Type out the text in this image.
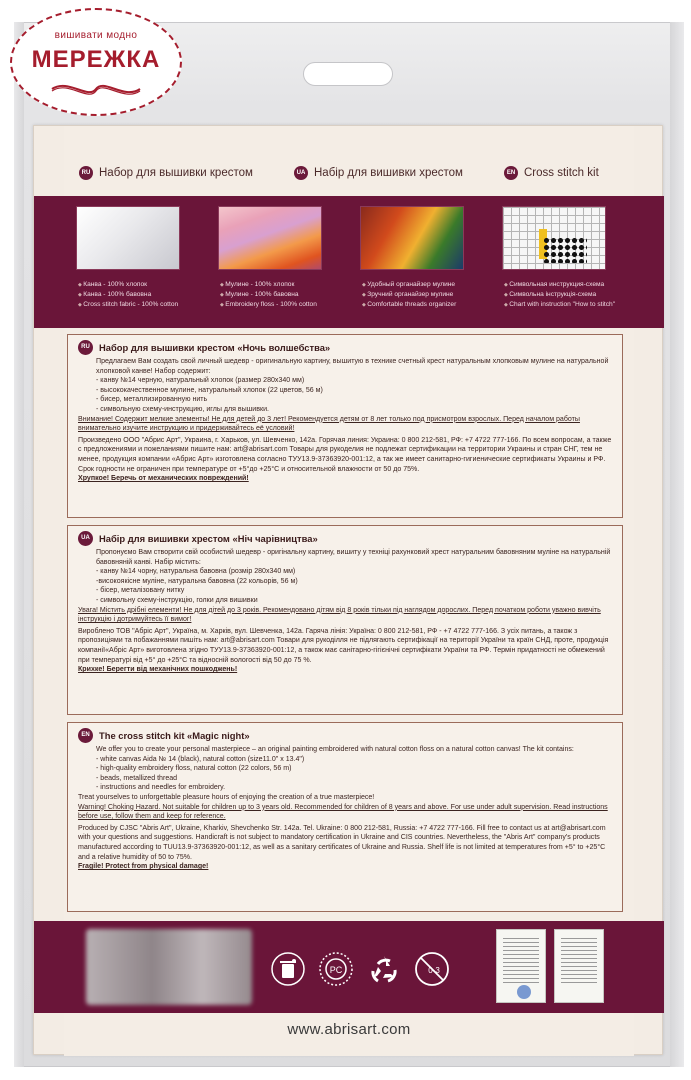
RU Набор для вышивки крестом	UA Набір для вишивки хрестом	EN Cross stitch kit
◆ Канва - 100% хлопок
◆ Канва - 100% бавовна
◆ Cross stitch fabric - 100% cotton
◆ Мулине - 100% хлопок
◆ Мулине - 100% бавовна
◆ Embroidery floss - 100% cotton
◆ Удобный органайзер мулине
◆ Зручний органайзер мулине
◆ Comfortable threads organizer
◆ Символьная инструкция-схема
◆ Символьна інструкція-схема
◆ Chart with instruction "How to stitch"
PC	0-3
www.abrisart.com
RU Набор для вышивки крестом «Ночь волшебства»

Предлагаем Вам создать свой личный шедевр - оригинальную картину, вышитую в технике счетный крест натуральным хлопковым мулине на натуральной хлопковой канве! Набор содержит:

- канву №14 черную, натуральный хлопок (размер 280х340 мм)

- высококачественное мулине, натуральный хлопок (22 цветов, 56 м)

- бисер, металлизированную нить

- символьную схему-инструкцию, иглы для вышивки.

Внимание! Содержит мелкие элементы! Не для детей до 3 лет! Рекомендуется детям от 8 лет только под присмотром взрослых. Перед началом работы внимательно изучите инструкцию и придерживайтесь её условий!

Произведено ООО "Абрис Арт", Украина, г. Харьков, ул. Шевченко, 142а. Горячая линия: Украина: 0 800 212-581, РФ: +7 4722 777-166. По всем вопросам, а также с предложениями и пожеланиями пишите нам: art@abrisart.com Товары для рукоделия не подлежат сертификации на территории Украины и стран СНГ, тем не менее, продукция компании «Абрис Арт» изготовлена согласно ТУУ13.9-37363920-001:12, а так же имеет санитарно-гигиенические сертификаты Украины и РФ. Срок годности не ограничен при температуре от +5°до +25°С и относительной влажности от 50 до 75%.

Хрупкое! Беречь от механических повреждений!

UA Набір для вишивки хрестом «Ніч чарівництва»

Пропонуємо Вам створити свій особистий шедевр - оригінальну картину, вишиту у техніці рахунковий хрест натуральним бавовняним муліне на натуральній бавовняній канві. Набір містить:

- канву №14 чорну, натуральна бавовна (розмір 280х340 мм)

-високоякісне муліне, натуральна бавовна (22 кольорів, 56 м)

- бісер, металізовану нитку

- символьну схему-інструкцію, голки для вишивки

Увага! Містить дрібні елементи! Не для дітей до 3 років. Рекомендовано дітям від 8 років тільки під наглядом дорослих. Перед початком роботи уважно вивчіть інструкцію і дотримуйтесь її вимог!

Виробленo ТОВ "Абріс Арт", Україна, м. Харків, вул. Шевченка, 142а. Гаряча лінія: Україна: 0 800 212-581, РФ - +7 4722 777-166. З усіх питань, а також з пропозиціями та побажаннями пишіть нам: art@abrisart.com Товари для рукоділля не підлягають сертифікації на території України та країн СНД, проте, продукція компанії«Абріс Арт» виготовлена згідно ТУУ13.9-37363920-001:12, а також має санітарно-гігієнічні сертифікати України та РФ. Термін придатності не обмежений при температурі від +5° до +25°С та відносній вологості від 50 до 75 %.

Крихке! Берегти від механічних пошкоджень!

EN The cross stitch kit «Magic night»

We offer you to create your personal masterpiece – an original painting embroidered with natural cotton floss on a natural cotton canvas! The kit contains:

- white canvas Aida № 14 (black), natural cotton (size11.0" x 13.4")

- high-quality embroidery floss, natural cotton (22 colors, 56 m)

- beads, metallized thread

- instructions and needles for embroidery.

Treat yourselves to unforgettable pleasure hours of enjoying the creation of a true masterpiece!

Warning! Choking Hazard. Not suitable for children up to 3 years old. Recommended for children of 8 years and above. For use under adult supervision. Read instructions before use, follow them and keep for reference.

Produced by CJSC "Abris Art", Ukraine, Kharkiv, Shevchenko Str. 142a. Tel. Ukraine: 0 800 212-581, Russia: +7 4722 777-166. Fill free to contact us at art@abrisart.com with your questions and suggestions. Handicraft is not subject to mandatory certification in Ukraine and CIS countries. Nevertheless, the "Abris Art" company's products manufactured according to TUU13.9-37363920-001:12, as well as a sanitary certificates of Ukraine and Russia. Shelf life is not limited at temperatures from +5° to +25°C and a relative humidity of 50 to 75%.

Fragile! Protect from physical damage!

вишивати модно
МЕРЕЖКА
